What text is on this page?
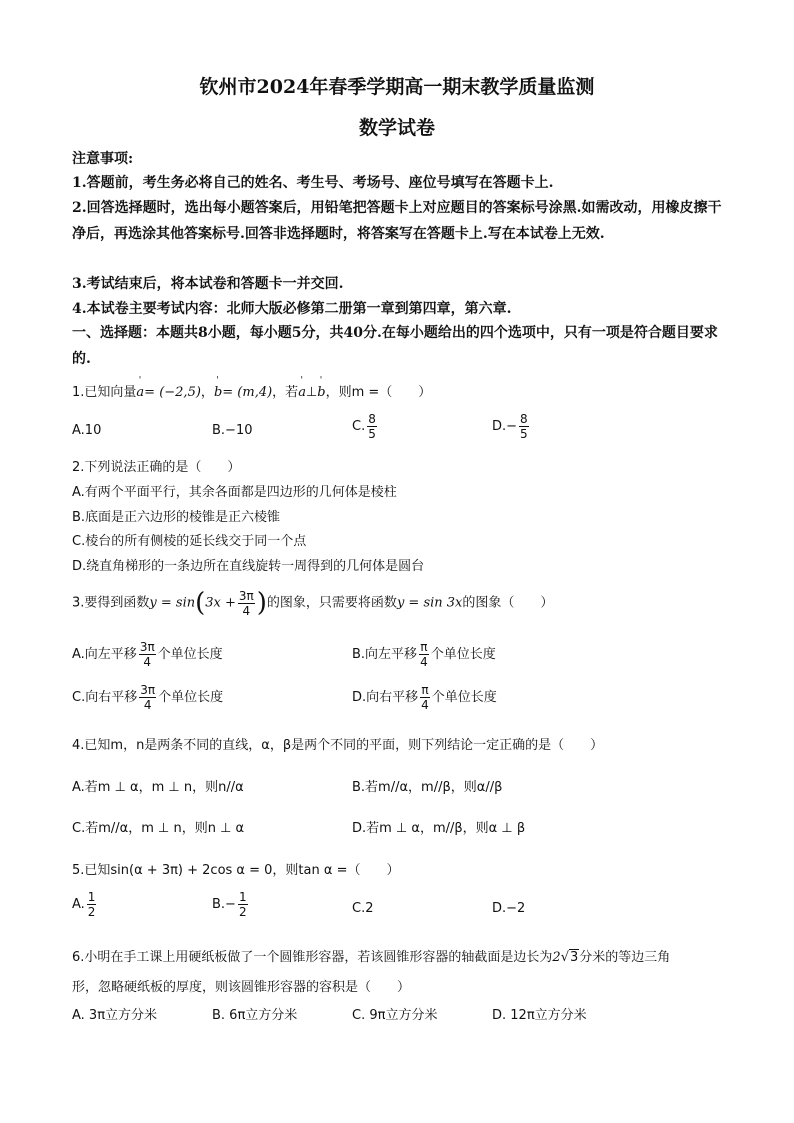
钦州市2024年春季学期高一期末教学质量监测
数学试卷
注意事项:
1.答题前，考生务必将自己的姓名、考生号、考场号、座位号填写在答题卡上.
2.回答选择题时，选出每小题答案后，用铅笔把答题卡上对应题目的答案标号涂黑.如需改动，用橡皮擦干净后，再选涂其他答案标号.回答非选择题时，将答案写在答题卡上.写在本试卷上无效.
3.考试结束后，将本试卷和答题卡一并交回.
4.本试卷主要考试内容：北师大版必修第二册第一章到第四章，第六章.
一、选择题：本题共8小题，每小题5分，共40分.在每小题给出的四个选项中，只有一项是符合题目要求的.
1.已知向量
'
a= (−2,5)，
'
b= (m,4)，若
'
a⊥
'
b，则m =（　　）
A.10	B.−10	C. $\frac{8}{5}$	$D.- \frac{8}{5}$
2.下列说法正确的是（　　）
A.有两个平面平行，其余各面都是四边形的几何体是棱柱
B.底面是正六边形的棱锥是正六棱锥
C.棱台的所有侧棱的延长线交于同一个点
D.绕直角梯形的一条边所在直线旋转一周得到的几何体是圆台
3.要得到函数$y = \sin(3x + \frac{3\pi}{4}$ )的图象，只需要将函数y = sin 3x的图象（　　）
A.向左平移 $\frac{3\pi}{4}$ 个单位长度	B.向左平移 $\frac{\pi}{4}$ 个单位长度
C.向右平移 $\frac{3\pi}{4}$ 个单位长度	D.向右平移 $\frac{\pi}{4}$ 个单位长度
4.已知m，n是两条不同的直线，α，β是两个不同的平面，则下列结论一定正确的是（　　）
A.若m ⊥ α，m ⊥ n，则n//α	B.若m//α，m//β，则α//β
C.若m//α，m ⊥ n，则n ⊥ α	D.若m ⊥ α，m//β，则α ⊥ β
5.已知sin(α + 3π) + 2cos α = 0，则tan α =（　　）
A. $\frac{1}{2}$	$B.- \frac{1}{2}$	C.2	D.−2
6.小明在手工课上用硬纸板做了一个圆锥形容器，若该圆锥形容器的轴截面是边长为2√3分米的等边三角
形，忽略硬纸板的厚度，则该圆锥形容器的容积是（　　）
A. 3π立方分米	B. 6π立方分米	C. 9π立方分米	D. 12π立方分米
